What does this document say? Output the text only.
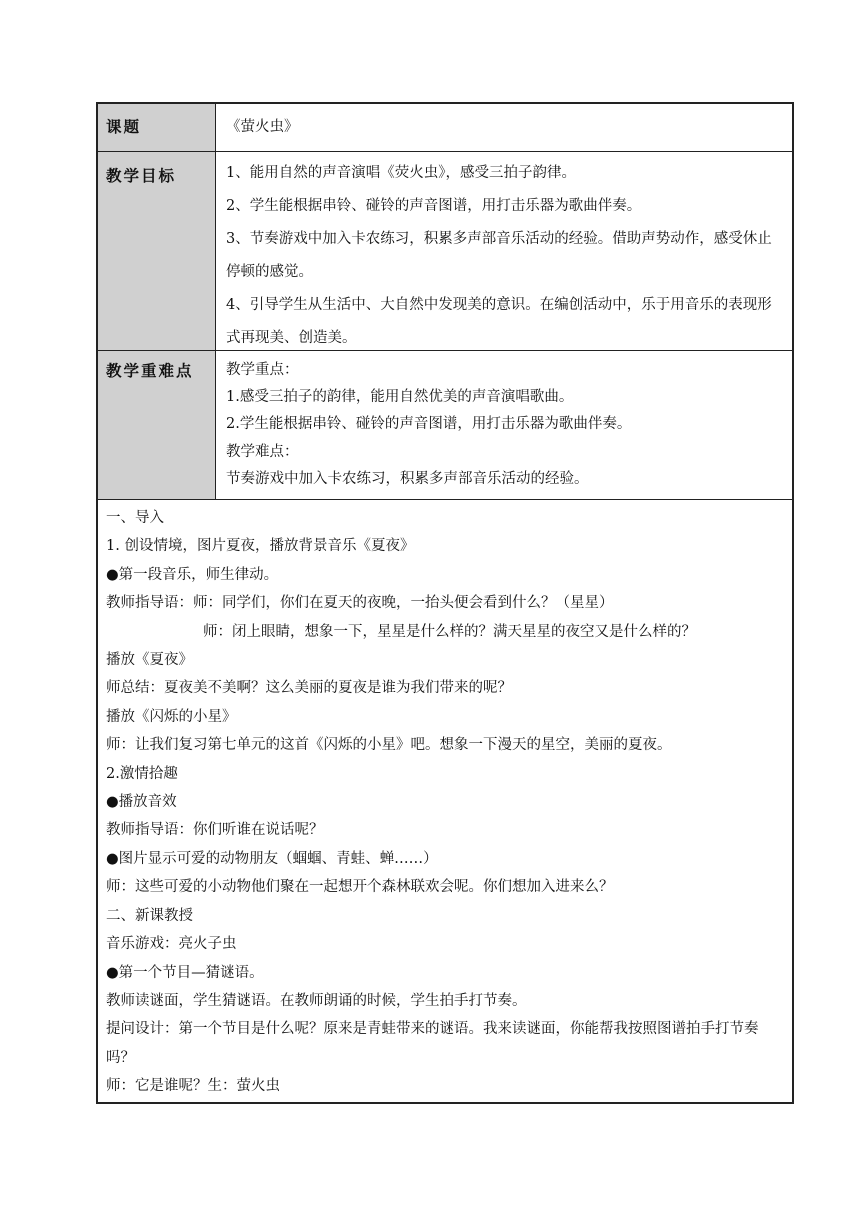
课题	《萤火虫》
教学目标	1、能用自然的声音演唱《荧火虫》，感受三拍子韵律。

2、学生能根据串铃、碰铃的声音图谱，用打击乐器为歌曲伴奏。

3、节奏游戏中加入卡农练习，积累多声部音乐活动的经验。借助声势动作，感受休止停顿的感觉。

4、引导学生从生活中、大自然中发现美的意识。在编创活动中，乐于用音乐的表现形式再现美、创造美。

教学重难点	教学重点：

1.感受三拍子的韵律，能用自然优美的声音演唱歌曲。

2.学生能根据串铃、碰铃的声音图谱，用打击乐器为歌曲伴奏。

教学难点：

节奏游戏中加入卡农练习，积累多声部音乐活动的经验。

一、导入

1. 创设情境，图片夏夜，播放背景音乐《夏夜》

●第一段音乐，师生律动。

教师指导语：师：同学们，你们在夏天的夜晚，一抬头便会看到什么？（星星）

师：闭上眼睛，想象一下，星星是什么样的？满天星星的夜空又是什么样的？

播放《夏夜》

师总结：夏夜美不美啊？这么美丽的夏夜是谁为我们带来的呢？

播放《闪烁的小星》

师：让我们复习第七单元的这首《闪烁的小星》吧。想象一下漫天的星空，美丽的夏夜。

2.激情拾趣

●播放音效

教师指导语：你们听谁在说话呢？

●图片显示可爱的动物朋友（蝈蝈、青蛙、蝉……）

师：这些可爱的小动物他们聚在一起想开个森林联欢会呢。你们想加入进来么？

二、新课教授

音乐游戏：亮火子虫

●第一个节目—猜谜语。

教师读谜面，学生猜谜语。在教师朗诵的时候，学生拍手打节奏。

提问设计：第一个节目是什么呢？原来是青蛙带来的谜语。我来读谜面，你能帮我按照图谱拍手打节奏吗？

师：它是谁呢？生：萤火虫
